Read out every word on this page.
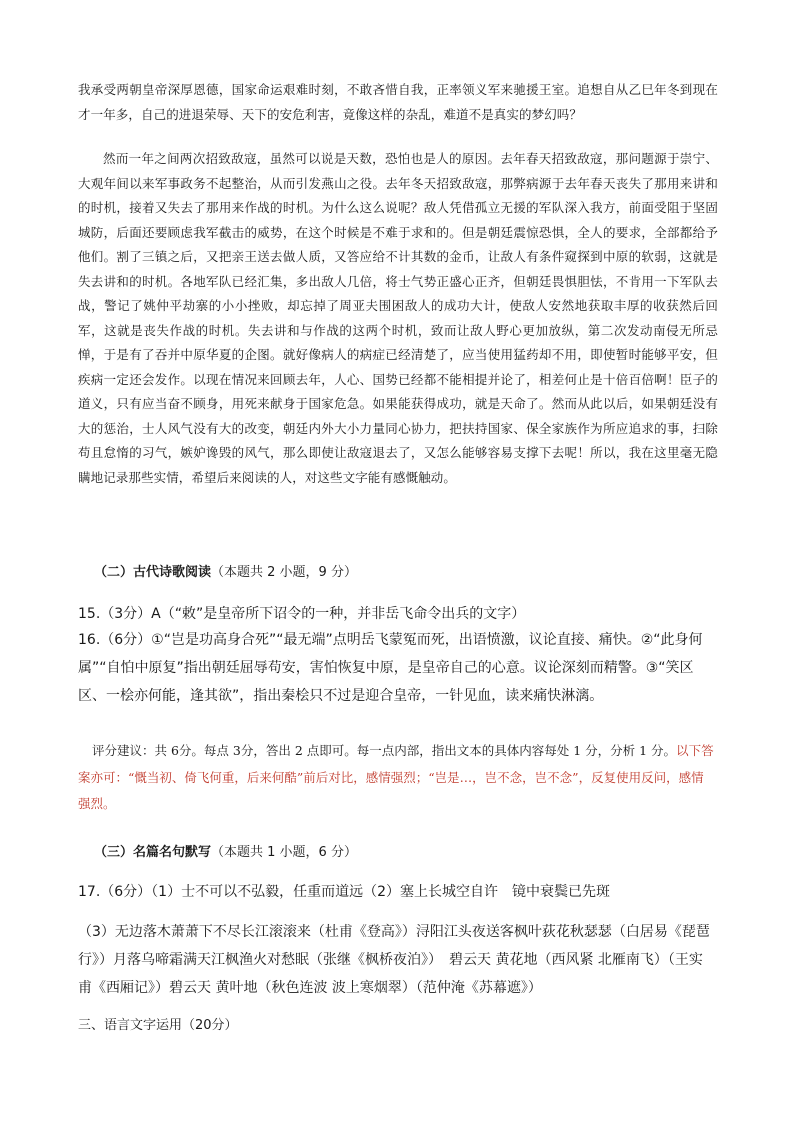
我承受两朝皇帝深厚恩德，国家命运艰难时刻，不敢吝惜自我，正率领义军来驰援王室。追想自从乙巳年冬到现在才一年多，自己的进退荣辱、天下的安危利害，竟像这样的杂乱，难道不是真实的梦幻吗？

然而一年之间两次招致敌寇，虽然可以说是天数，恐怕也是人的原因。去年春天招致敌寇，那问题源于崇宁、大观年间以来军事政务不起整治，从而引发燕山之役。去年冬天招致敌寇，那弊病源于去年春天丧失了那用来讲和的时机，接着又失去了那用来作战的时机。为什么这么说呢？敌人凭借孤立无援的军队深入我方，前面受阻于坚固城防，后面还要顾虑我军截击的威势，在这个时候是不难于求和的。但是朝廷震惊恐惧，全人的要求，全部都给予他们。割了三镇之后，又把亲王送去做人质，又答应给不计其数的金币，让敌人有条件窥探到中原的软弱，这就是失去讲和的时机。各地军队已经汇集，多出敌人几倍，将士气势正盛心正齐，但朝廷畏惧胆怯，不肯用一下军队去战，警记了姚仲平劫寨的小小挫败，却忘掉了周亚夫围困敌人的成功大计，使敌人安然地获取丰厚的收获然后回军，这就是丧失作战的时机。失去讲和与作战的这两个时机，致而让敌人野心更加放纵，第二次发动南侵无所忌惮，于是有了吞并中原华夏的企图。就好像病人的病症已经清楚了，应当使用猛药却不用，即使暂时能够平安，但疾病一定还会发作。以现在情况来回顾去年，人心、国势已经都不能相提并论了，相差何止是十倍百倍啊！臣子的道义，只有应当奋不顾身，用死来献身于国家危急。如果能获得成功，就是天命了。然而从此以后，如果朝廷没有大的惩治，士人风气没有大的改变，朝廷内外大小力量同心协力，把扶持国家、保全家族作为所应追求的事，扫除苟且怠惰的习气，嫉妒谗毁的风气，那么即使让敌寇退去了，又怎么能够容易支撑下去呢！所以，我在这里毫无隐瞒地记录那些实情，希望后来阅读的人，对这些文字能有感慨触动。

（二）古代诗歌阅读（本题共 2 小题，9 分）

15.（3分）A（“敕”是皇帝所下诏令的一种，并非岳飞命令出兵的文字）

16.（6分）①“岂是功高身合死”“最无端”点明岳飞蒙冤而死，出语愤激，议论直接、痛快。②“此身何属”“自怕中原复”指出朝廷屈辱苟安，害怕恢复中原，是皇帝自己的心意。议论深刻而精警。③“笑区区、一桧亦何能，逢其欲”，指出秦桧只不过是迎合皇帝，一针见血，读来痛快淋漓。

评分建议：共 6分。每点 3分，答出 2 点即可。每一点内部，指出文本的具体内容每处 1 分，分析 1 分。以下答案亦可：“慨当初、倚飞何重，后来何酷”前后对比，感情强烈；“岂是…，岂不念，岂不念”，反复使用反问，感情强烈。

（三）名篇名句默写（本题共 1 小题，6 分）

17.（6分）（1）士不可以不弘毅，任重而道远（2）塞上长城空自许　镜中衰鬓已先斑

（3）无边落木萧萧下不尽长江滚滚来（杜甫《登高》）浔阳江头夜送客枫叶荻花秋瑟瑟（白居易《琵琶行》）月落乌啼霜满天江枫渔火对愁眠（张继《枫桥夜泊》）　碧云天 黄花地（西风紧 北雁南飞）（王实甫《西厢记》）碧云天 黄叶地（秋色连波 波上寒烟翠）（范仲淹《苏幕遮》）

三、语言文字运用（20分）
